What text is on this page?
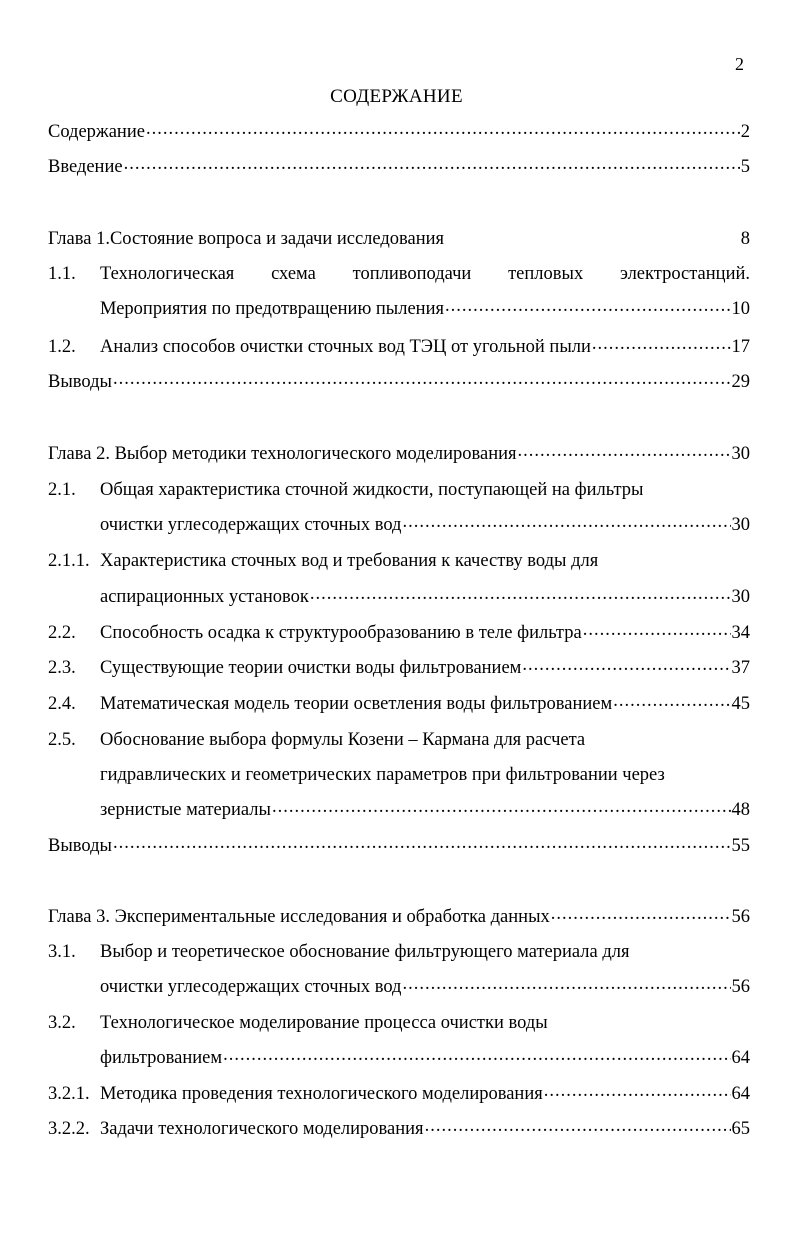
2
СОДЕРЖАНИЕ
Содержание .....	2
Введение .....	5
Глава 1.Состояние вопроса и задачи исследования	8
1.1.	Технологическая схема топливоподачи тепловых электростанций.
Мероприятия по предотвращению пыления .....	10
1.2.	Анализ способов очистки сточных вод ТЭЦ от угольной пыли .....	17
Выводы .....	29
Глава 2. Выбор методики технологического моделирования .....	30
2.1.	Общая характеристика сточной жидкости, поступающей на фильтры
очистки углесодержащих сточных вод .....	30
2.1.1. Характеристика сточных вод и требования к качеству воды для
аспирационных установок .....	30
2.2.	Способность осадка к структурообразованию в теле фильтра .....	34
2.3.	Существующие теории очистки воды фильтрованием .....	37
2.4.	Математическая модель теории осветления воды фильтрованием .....	45
2.5.	Обоснование выбора формулы Козени – Кармана для расчета
гидравлических и геометрических параметров при фильтровании через
зернистые материалы .....	48
Выводы .....	55
Глава 3. Экспериментальные исследования и обработка данных .....	56
3.1.	Выбор и теоретическое обоснование фильтрующего материала для
очистки углесодержащих сточных вод .....	56
3.2.	Технологическое моделирование процесса очистки воды
фильтрованием .....	64
3.2.1. Методика проведения технологического моделирования .....	64
3.2.2. Задачи технологического моделирования .....	65
